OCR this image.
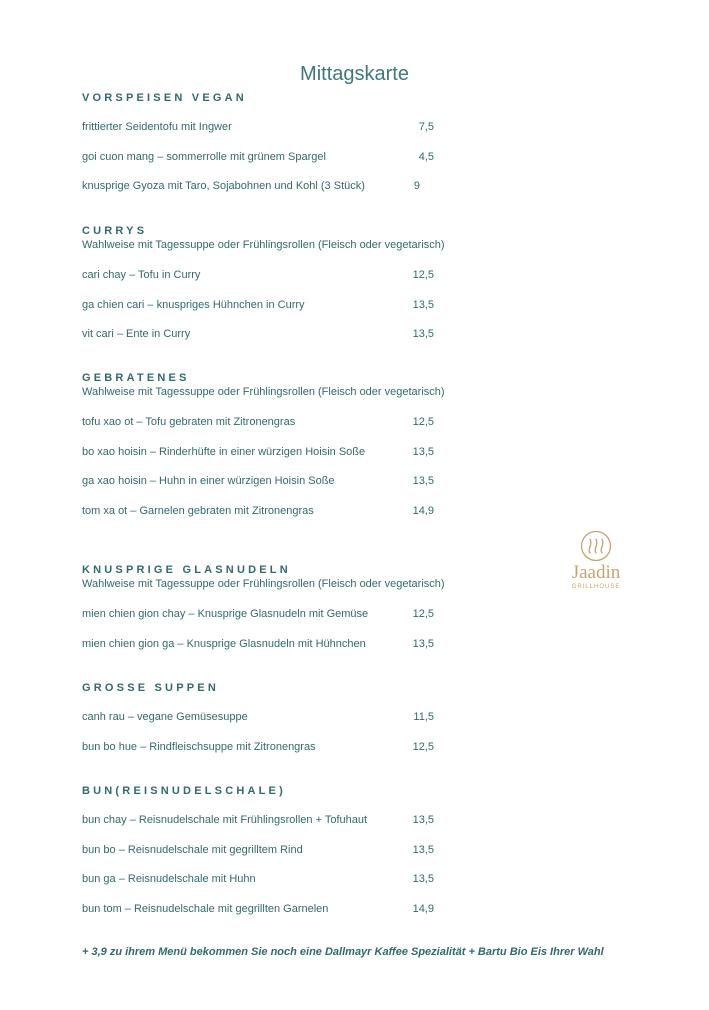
Mittagskarte

VORSPEISEN VEGAN

frittierter Seidentofu mit Ingwer	7,5
goi cuon mang – sommerrolle mit grünem Spargel	4,5
knusprige Gyoza mit Taro, Sojabohnen und Kohl (3 Stück)	9

CURRYS

Wahlweise mit Tagessuppe oder Frühlingsrollen (Fleisch oder vegetarisch)

cari chay – Tofu in Curry	12,5
ga chien cari – knuspriges Hühnchen in Curry	13,5
vit cari – Ente in Curry	13,5

GEBRATENES

Wahlweise mit Tagessuppe oder Frühlingsrollen (Fleisch oder vegetarisch)

tofu xao ot – Tofu gebraten mit Zitronengras	12,5
bo xao hoisin – Rinderhüfte in einer würzigen Hoisin Soße	13,5
ga xao hoisin – Huhn in einer würzigen Hoisin Soße	13,5
tom xa ot – Garnelen gebraten mit Zitronengras	14,9

KNUSPRIGE GLASNUDELN

Wahlweise mit Tagessuppe oder Frühlingsrollen (Fleisch oder vegetarisch)

mien chien gion chay – Knusprige Glasnudeln mit Gemüse	12,5
mien chien gion ga – Knusprige Glasnudeln mit Hühnchen	13,5

GROSSE SUPPEN

canh rau – vegane Gemüsesuppe	11,5
bun bo hue – Rindfleischsuppe mit Zitronengras	12,5

BUN(REISNUDELSCHALE)

bun chay – Reisnudelschale mit Frühlingsrollen + Tofuhaut	13,5
bun bo – Reisnudelschale mit gegrilltem Rind	13,5
bun ga – Reisnudelschale mit Huhn	13,5
bun tom – Reisnudelschale mit gegrillten Garnelen	14,9
Jaadin
GRILLHOUSE
+ 3,9 zu ihrem Menü bekommen Sie noch eine Dallmayr Kaffee Spezialität + Bartu Bio Eis Ihrer Wahl
